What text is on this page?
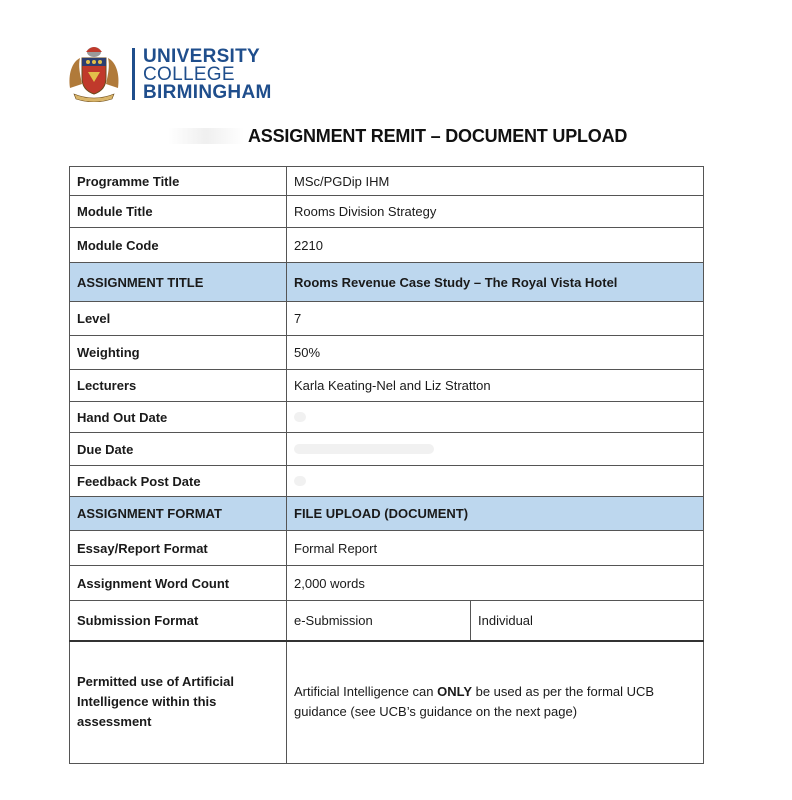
UNIVERSITY
COLLEGE
BIRMINGHAM
ASSIGNMENT REMIT – DOCUMENT UPLOAD
Programme Title	MSc/PGDip IHM	
Module Title	Rooms Division Strategy	
Module Code	2210	
ASSIGNMENT TITLE	Rooms Revenue Case Study – The Royal Vista Hotel	
Level	7	
Weighting	50%	
Lecturers	Karla Keating-Nel and Liz Stratton	
Hand Out Date		
Due Date		
Feedback Post Date		
ASSIGNMENT FORMAT	FILE UPLOAD (DOCUMENT)	
Essay/Report Format	Formal Report	
Assignment Word Count	2,000 words	
Submission Format	e-Submission	Individual
Permitted use of Artificial Intelligence within this assessment	Artificial Intelligence can ONLY be used as per the formal UCB guidance (see UCB’s guidance on the next page)	
